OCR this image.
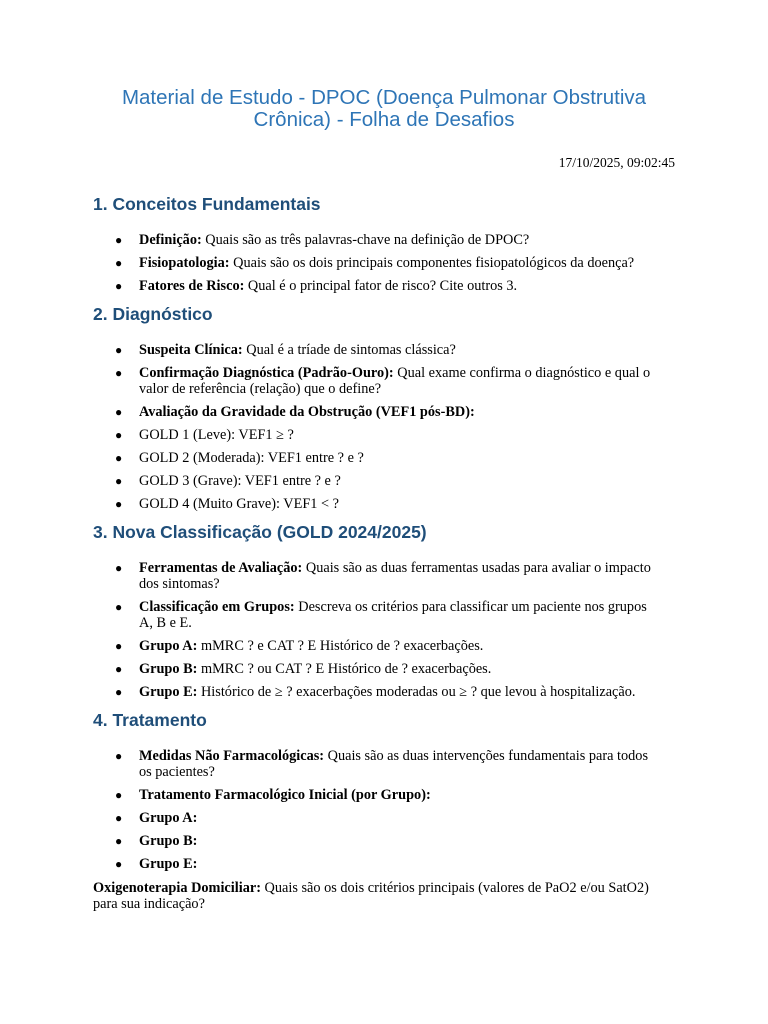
Material de Estudo - DPOC (Doença Pulmonar Obstrutiva Crônica) - Folha de Desafios
17/10/2025, 09:02:45
1. Conceitos Fundamentais
● Definição: Quais são as três palavras-chave na definição de DPOC?
● Fisiopatologia: Quais são os dois principais componentes fisiopatológicos da doença?
● Fatores de Risco: Qual é o principal fator de risco? Cite outros 3.
2. Diagnóstico
● Suspeita Clínica: Qual é a tríade de sintomas clássica?
● Confirmação Diagnóstica (Padrão-Ouro): Qual exame confirma o diagnóstico e qual o valor de referência (relação) que o define?
● Avaliação da Gravidade da Obstrução (VEF1 pós-BD):
● GOLD 1 (Leve): VEF1 ≥ ?
● GOLD 2 (Moderada): VEF1 entre ? e ?
● GOLD 3 (Grave): VEF1 entre ? e ?
● GOLD 4 (Muito Grave): VEF1 < ?
3. Nova Classificação (GOLD 2024/2025)
● Ferramentas de Avaliação: Quais são as duas ferramentas usadas para avaliar o impacto dos sintomas?
● Classificação em Grupos: Descreva os critérios para classificar um paciente nos grupos A, B e E.
● Grupo A: mMRC ? e CAT ? E Histórico de ? exacerbações.
● Grupo B: mMRC ? ou CAT ? E Histórico de ? exacerbações.
● Grupo E: Histórico de ≥ ? exacerbações moderadas ou ≥ ? que levou à hospitalização.
4. Tratamento
● Medidas Não Farmacológicas: Quais são as duas intervenções fundamentais para todos os pacientes?
● Tratamento Farmacológico Inicial (por Grupo):
● Grupo A:
● Grupo B:
● Grupo E:

Oxigenoterapia Domiciliar: Quais são os dois critérios principais (valores de PaO2 e/ou SatO2) para sua indicação?
